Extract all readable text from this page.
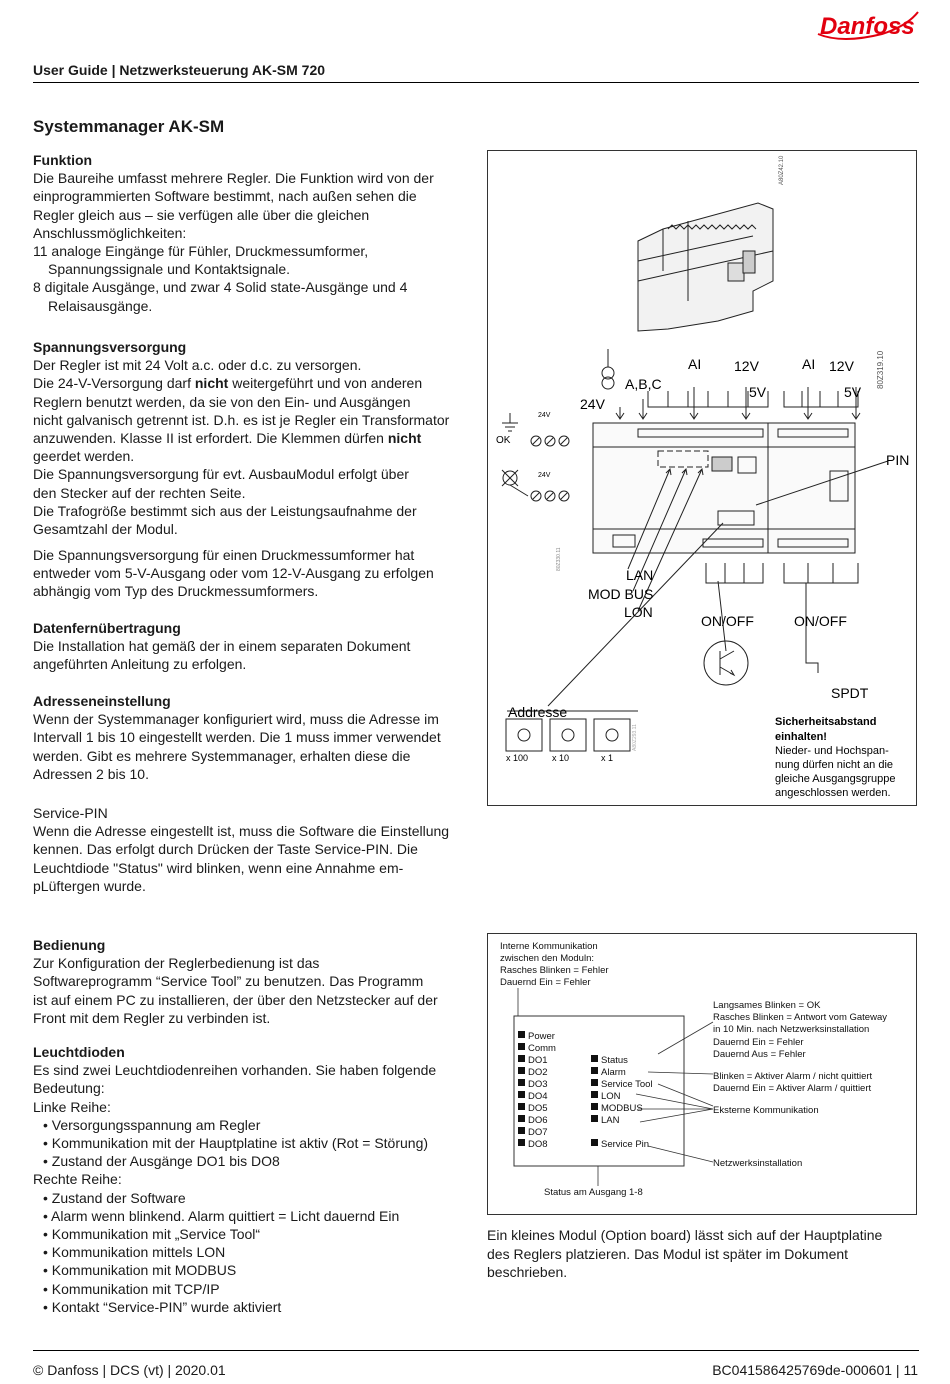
Danfoss
User Guide | Netzwerksteuerung AK-SM 720
Systemmanager AK-SM

Funktion

Die Baureihe umfasst mehrere Regler. Die Funktion wird von der

einprogrammierten Software bestimmt, nach außen sehen die

Regler gleich aus – sie verfügen alle über die gleichen

Anschlussmöglichkeiten:

11 analoge Eingänge für Fühler, Druckmessumformer,

Spannungssignale und Kontaktsignale.

8 digitale Ausgänge, und zwar 4 Solid state-Ausgänge und 4

Relaisausgänge.

Spannungsversorgung

Der Regler ist mit 24 Volt a.c. oder d.c. zu versorgen.

Die 24-V-Versorgung darf nicht weitergeführt und von anderen

Reglern benutzt werden, da sie von den Ein- und Ausgängen

nicht galvanisch getrennt ist. D.h. es ist je Regler ein Transformator

anzuwenden. Klasse II ist erfordert. Die Klemmen dürfen nicht

geerdet werden.

Die Spannungsversorgung für evt. AusbauModul erfolgt über

den Stecker auf der rechten Seite.

Die Trafogröße bestimmt sich aus der Leistungsaufnahme der

Gesamtzahl der Modul.

Die Spannungsversorgung für einen Druckmessumformer hat

entweder vom 5-V-Ausgang oder vom 12-V-Ausgang zu erfolgen

abhängig vom Typ des Druckmessumformers.

Datenfernübertragung

Die Installation hat gemäß der in einem separaten Dokument

angeführten Anleitung zu erfolgen.

Adresseneinstellung

Wenn der Systemmanager konfiguriert wird, muss die Adresse im

Intervall 1 bis 10 eingestellt werden. Die 1 muss immer verwendet

werden. Gibt es mehrere Systemmanager, erhalten diese die

Adressen 2 bis 10.

Service-PIN

Wenn die Adresse eingestellt ist, muss die Software die Einstellung

kennen. Das erfolgt durch Drücken der Taste Service-PIN. Die

Leuchtdiode "Status" wird blinken, wenn eine Annahme em-

pLüftergen wurde.

Bedienung

Zur Konfiguration der Reglerbedienung ist das

Softwareprogramm “Service Tool” zu benutzen. Das Programm

ist auf einem PC zu installieren, der über den Netzstecker auf der

Front mit dem Regler zu verbinden ist.

Leuchtdioden

Es sind zwei Leuchtdiodenreihen vorhanden. Sie haben folgende

Bedeutung:

Linke Reihe:

• Versorgungsspannung am Regler

• Kommunikation mit der Hauptplatine ist aktiv (Rot = Störung)

• Zustand der Ausgänge DO1 bis DO8

Rechte Reihe:

• Zustand der Software

• Alarm wenn blinkend. Alarm quittiert = Licht dauernd Ein

• Kommunikation mit „Service Tool“

• Kommunikation mittels LON

• Kommunikation mit MODBUS

• Kommunikation mit TCP/IP

• Kontakt “Service-PIN” wurde aktiviert

A80Z42.10
80Z319.10
80Z330.11
A80Z293.11
A,B,C
24V
AI 12V
5V
AI 12V
5V
PIN
OK
24V
24V
LAN
MOD BUS
LON
ON/OFF	ON/OFF
SPDT
Addresse
x 100	x 10	x 1
Sicherheitsabstand
einhalten!
Nieder- und Hochspan-
nung dürfen nicht an die
gleiche Ausgangsgruppe
angeschlossen werden.
Interne Kommunikation
zwischen den Moduln:
Rasches Blinken = Fehler
Dauernd Ein = Fehler
Power
Comm
DO1
DO2
DO3
DO4
DO5
DO6
DO7
DO8
Status
Alarm
Service Tool
LON
MODBUS
LAN
Service Pin
Langsames Blinken = OK
Rasches Blinken = Antwort vom Gateway
in 10 Min. nach Netzwerksinstallation
Dauernd Ein = Fehler
Dauernd Aus = Fehler
Blinken = Aktiver Alarm / nicht quittiert
Dauernd Ein = Aktiver Alarm / quittiert
Eksterne Kommunikation
Netzwerksinstallation
Status am Ausgang 1-8

Ein kleines Modul (Option board) lässt sich auf der Hauptplatine

des Reglers platzieren. Das Modul ist später im Dokument

beschrieben.

© Danfoss | DCS (vt) | 2020.01	BC041586425769de-000601 | 11
